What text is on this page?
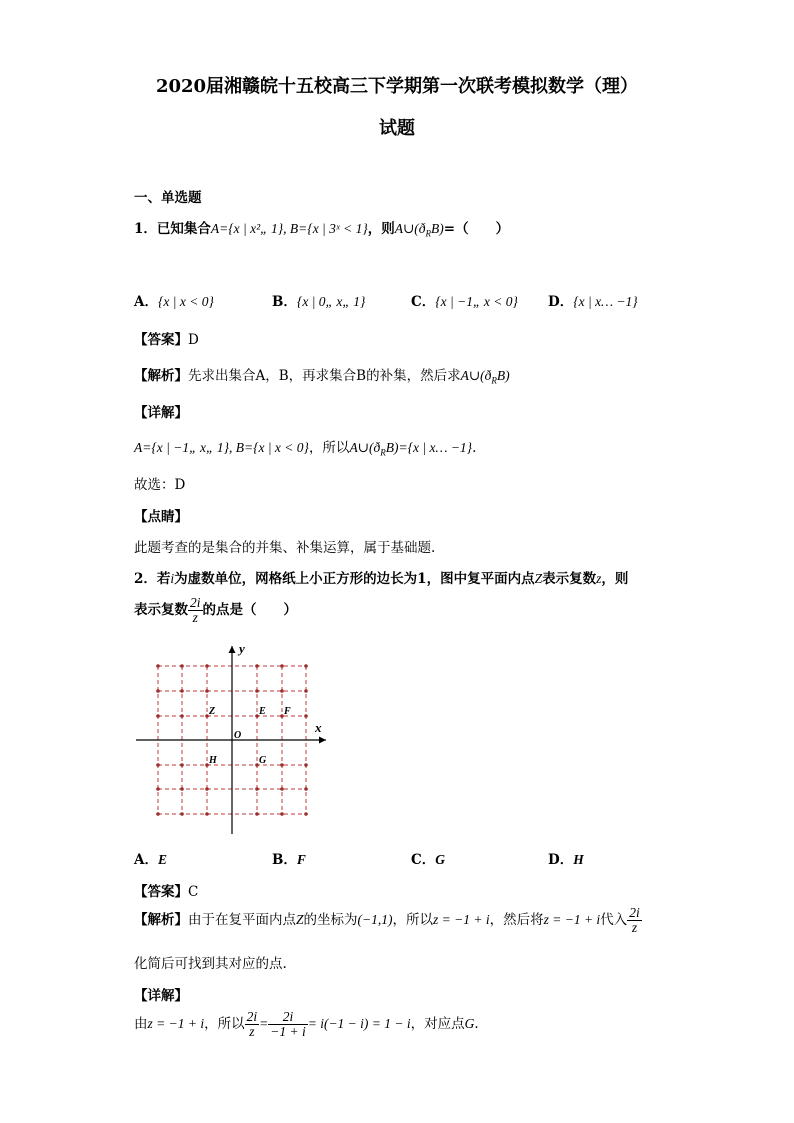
2020届湘赣皖十五校高三下学期第一次联考模拟数学（理）
试题
一、单选题
1．已知集合A={x | x²„ 1}, B={x | 3ˣ < 1}，则$A\cup(ð_RB)=$（　　）
A．{x | x < 0}	B．{x | 0„ x„ 1}	C．{x | −1„ x < 0} D．{x | x… −1}
【答案】D
【解析】先求出集合A，B，再求集合B的补集，然后求$A\cup(ð_RB)$
【详解】
A={x | −1„ x„ 1}, B={x | x < 0}，所以$A\cup(ð_RB)=\{x$ | x… −1}.
故选：D
【点睛】
此题考查的是集合的并集、补集运算，属于基础题.
2．若i为虚数单位，网格纸上小正方形的边长为1，图中复平面内点Z表示复数z，则
表示复数 $\frac{2i}{z}$ 的点是（　　）
y
x
O
Z	E F
H	G
A．E	B．F	C．G	D．H
【答案】C
【解析】由于在复平面内点Z的坐标为(−1,1)，所以z = −1 + i，然后将z = −1 + i代入 $\frac{2i}{z}$
化简后可找到其对应的点.
【详解】
由z = −1 + i，所以 $\frac{2i}{z} = \frac{2i}{-1 + i} = i(-1 - i) = 1 - i$，对应点G.
